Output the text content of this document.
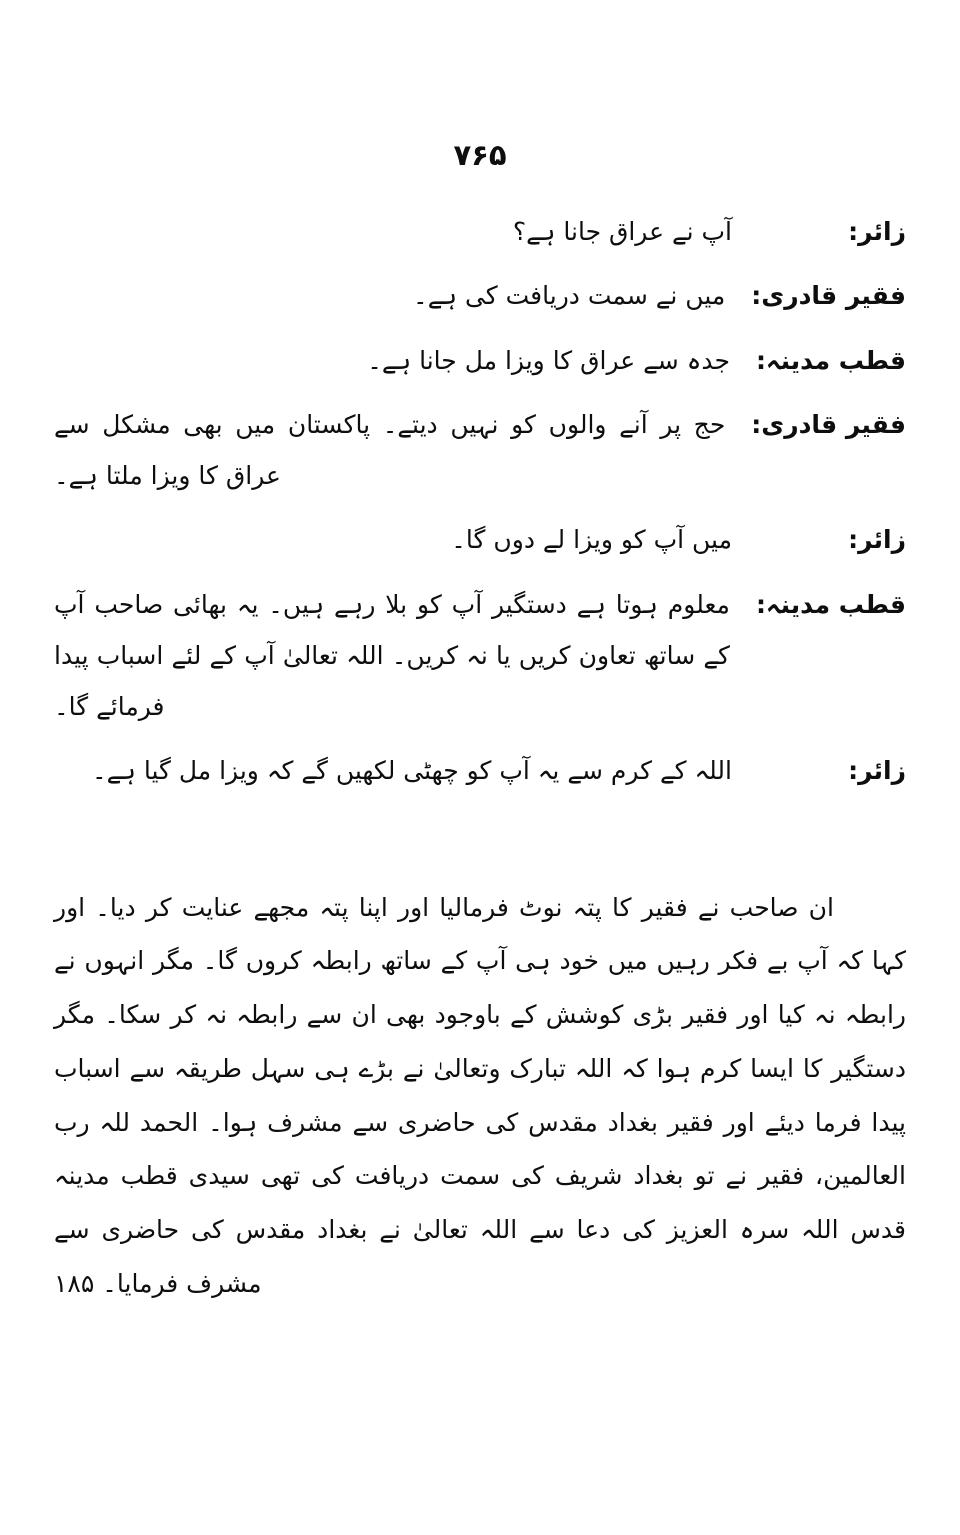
۷۶۵
زائر:
آپ نے عراق جانا ہے؟
فقیر قادری:
میں نے سمت دریافت کی ہے۔
قطب مدینہ:
جدہ سے عراق کا ویزا مل جانا ہے۔
فقیر قادری:
حج پر آنے والوں کو نہیں دیتے۔ پاکستان میں بھی مشکل سے عراق کا ویزا ملتا ہے۔
زائر:
میں آپ کو ویزا لے دوں گا۔
قطب مدینہ:
معلوم ہوتا ہے دستگیر آپ کو بلا رہے ہیں۔ یہ بھائی صاحب آپ کے ساتھ تعاون کریں یا نہ کریں۔ اللہ تعالیٰ آپ کے لئے اسباب پیدا فرمائے گا۔
زائر:
اللہ کے کرم سے یہ آپ کو چھٹی لکھیں گے کہ ویزا مل گیا ہے۔
ان صاحب نے فقیر کا پتہ نوٹ فرمالیا اور اپنا پتہ مجھے عنایت کر دیا۔ اور کہا کہ آپ بے فکر رہیں میں خود ہی آپ کے ساتھ رابطہ کروں گا۔ مگر انہوں نے رابطہ نہ کیا اور فقیر بڑی کوشش کے باوجود بھی ان سے رابطہ نہ کر سکا۔ مگر دستگیر کا ایسا کرم ہوا کہ اللہ تبارک وتعالیٰ نے بڑے ہی سہل طریقہ سے اسباب پیدا فرما دیئے اور فقیر بغداد مقدس کی حاضری سے مشرف ہوا۔ الحمد للہ رب العالمین، فقیر نے تو بغداد شریف کی سمت دریافت کی تھی سیدی قطب مدینہ قدس اللہ سرہ العزیز کی دعا سے اللہ تعالیٰ نے بغداد مقدس کی حاضری سے مشرف فرمایا۔ ۱۸۵
